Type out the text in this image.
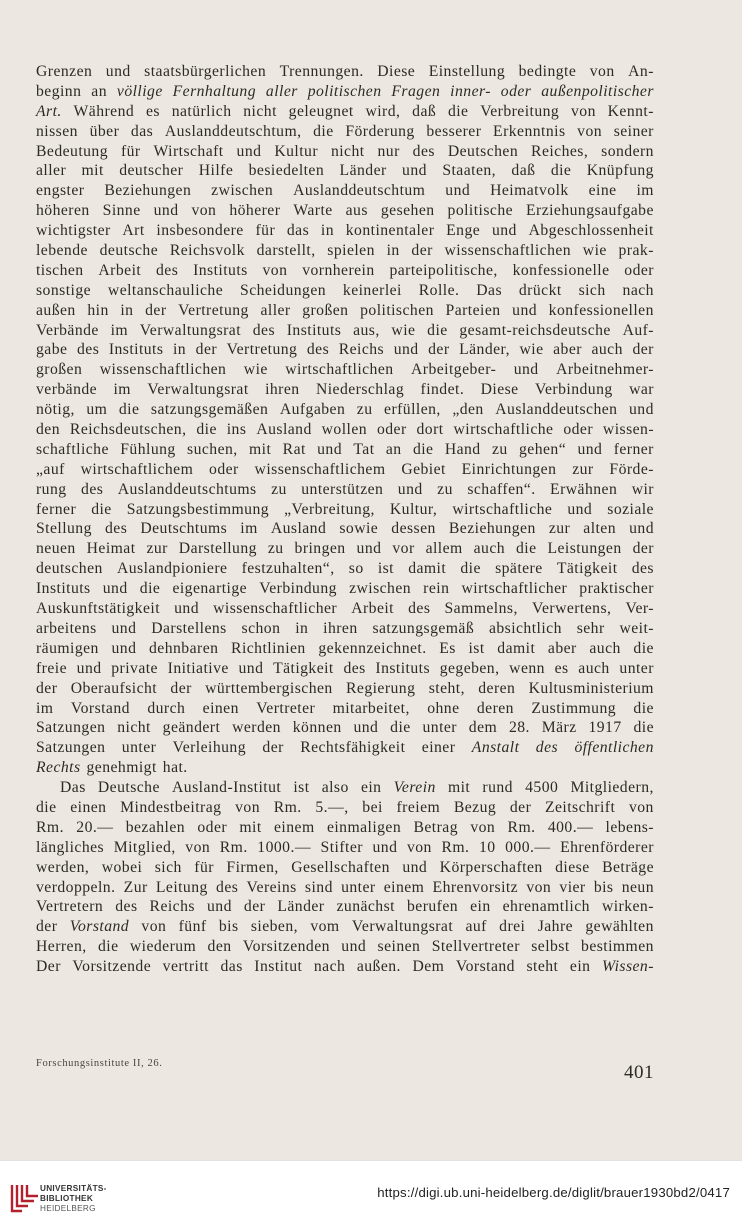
Grenzen und staatsbürgerlichen Trennungen. Diese Einstellung bedingte von An-
beginn an völlige Fernhaltung aller politischen Fragen inner- oder außenpolitischer
Art. Während es natürlich nicht geleugnet wird, daß die Verbreitung von Kennt-
nissen über das Auslanddeutschtum, die Förderung besserer Erkenntnis von seiner
Bedeutung für Wirtschaft und Kultur nicht nur des Deutschen Reiches, sondern
aller mit deutscher Hilfe besiedelten Länder und Staaten, daß die Knüpfung
engster Beziehungen zwischen Auslanddeutschtum und Heimatvolk eine im
höheren Sinne und von höherer Warte aus gesehen politische Erziehungsaufgabe
wichtigster Art insbesondere für das in kontinentaler Enge und Abgeschlossenheit
lebende deutsche Reichsvolk darstellt, spielen in der wissenschaftlichen wie prak-
tischen Arbeit des Instituts von vornherein parteipolitische, konfessionelle oder
sonstige weltanschauliche Scheidungen keinerlei Rolle. Das drückt sich nach
außen hin in der Vertretung aller großen politischen Parteien und konfessionellen
Verbände im Verwaltungsrat des Instituts aus, wie die gesamt-reichsdeutsche Auf-
gabe des Instituts in der Vertretung des Reichs und der Länder, wie aber auch der
großen wissenschaftlichen wie wirtschaftlichen Arbeitgeber- und Arbeitnehmer-
verbände im Verwaltungsrat ihren Niederschlag findet. Diese Verbindung war
nötig, um die satzungsgemäßen Aufgaben zu erfüllen, „den Auslanddeutschen und
den Reichsdeutschen, die ins Ausland wollen oder dort wirtschaftliche oder wissen-
schaftliche Fühlung suchen, mit Rat und Tat an die Hand zu gehen“ und ferner
„auf wirtschaftlichem oder wissenschaftlichem Gebiet Einrichtungen zur Förde-
rung des Auslanddeutschtums zu unterstützen und zu schaffen“. Erwähnen wir
ferner die Satzungsbestimmung „Verbreitung, Kultur, wirtschaftliche und soziale
Stellung des Deutschtums im Ausland sowie dessen Beziehungen zur alten und
neuen Heimat zur Darstellung zu bringen und vor allem auch die Leistungen der
deutschen Auslandpioniere festzuhalten“, so ist damit die spätere Tätigkeit des
Instituts und die eigenartige Verbindung zwischen rein wirtschaftlicher praktischer
Auskunftstätigkeit und wissenschaftlicher Arbeit des Sammelns, Verwertens, Ver-
arbeitens und Darstellens schon in ihren satzungsgemäß absichtlich sehr weit-
räumigen und dehnbaren Richtlinien gekennzeichnet. Es ist damit aber auch die
freie und private Initiative und Tätigkeit des Instituts gegeben, wenn es auch unter
der Oberaufsicht der württembergischen Regierung steht, deren Kultusministerium
im Vorstand durch einen Vertreter mitarbeitet, ohne deren Zustimmung die
Satzungen nicht geändert werden können und die unter dem 28. März 1917 die
Satzungen unter Verleihung der Rechtsfähigkeit einer Anstalt des öffentlichen
Rechts genehmigt hat.
Das Deutsche Ausland-Institut ist also ein Verein mit rund 4500 Mitgliedern,
die einen Mindestbeitrag von Rm. 5.—, bei freiem Bezug der Zeitschrift von
Rm. 20.— bezahlen oder mit einem einmaligen Betrag von Rm. 400.— lebens-
längliches Mitglied, von Rm. 1000.— Stifter und von Rm. 10 000.— Ehrenförderer
werden, wobei sich für Firmen, Gesellschaften und Körperschaften diese Beträge
verdoppeln. Zur Leitung des Vereins sind unter einem Ehrenvorsitz von vier bis neun
Vertretern des Reichs und der Länder zunächst berufen ein ehrenamtlich wirken-
der Vorstand von fünf bis sieben, vom Verwaltungsrat auf drei Jahre gewählten
Herren, die wiederum den Vorsitzenden und seinen Stellvertreter selbst bestimmen
Der Vorsitzende vertritt das Institut nach außen. Dem Vorstand steht ein Wissen-
Forschungsinstitute II, 26.	401
UNIVERSITÄTS-
BIBLIOTHEK
HEIDELBERG
https://digi.ub.uni-heidelberg.de/diglit/brauer1930bd2/0417
